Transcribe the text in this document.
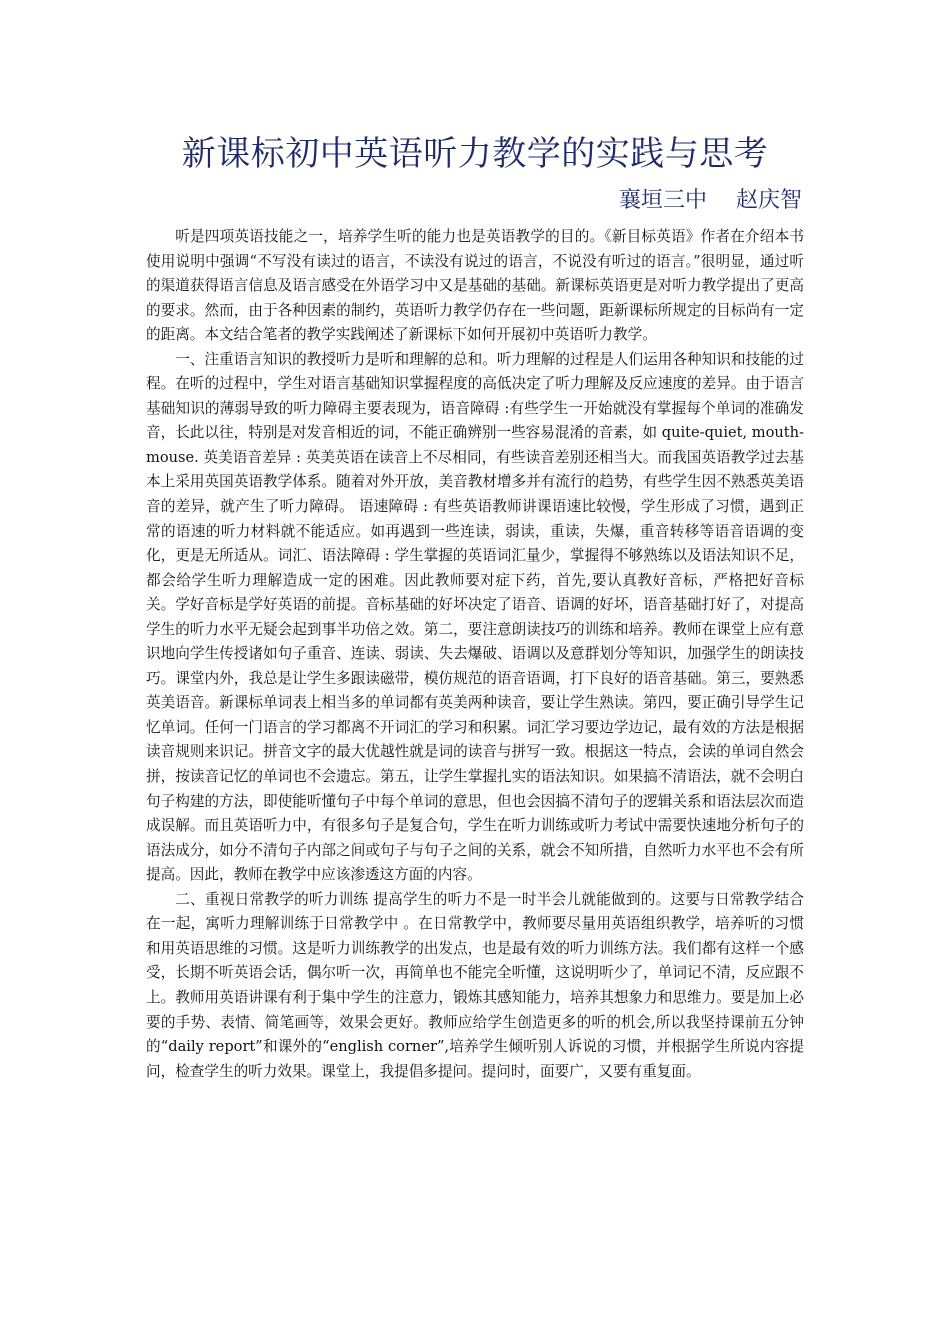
新课标初中英语听力教学的实践与思考
襄垣三中　 赵庆智

听是四项英语技能之一，培养学生听的能力也是英语教学的目的。《新目标英语》作者在介绍本书使用说明中强调“不写没有读过的语言，不读没有说过的语言，不说没有听过的语言。”很明显，通过听的渠道获得语言信息及语言感受在外语学习中又是基础的基础。新课标英语更是对听力教学提出了更高的要求。然而，由于各种因素的制约，英语听力教学仍存在一些问题，距新课标所规定的目标尚有一定的距离。本文结合笔者的教学实践阐述了新课标下如何开展初中英语听力教学。

一、注重语言知识的教授听力是听和理解的总和。听力理解的过程是人们运用各种知识和技能的过程。在听的过程中，学生对语言基础知识掌握程度的高低决定了听力理解及反应速度的差异。由于语言基础知识的薄弱导致的听力障碍主要表现为，语音障碍 :有些学生一开始就没有掌握每个单词的准确发音，长此以往，特别是对发音相近的词，不能正确辨别一些容易混淆的音素，如 quite-quiet, mouth-mouse. 英美语音差异 : 英美英语在读音上不尽相同，有些读音差别还相当大。而我国英语教学过去基本上采用英国英语教学体系。随着对外开放，美音教材增多并有流行的趋势，有些学生因不熟悉英美语音的差异，就产生了听力障碍。 语速障碍 : 有些英语教师讲课语速比较慢，学生形成了习惯，遇到正常的语速的听力材料就不能适应。如再遇到一些连读，弱读，重读，失爆，重音转移等语音语调的变化，更是无所适从。词汇、语法障碍 : 学生掌握的英语词汇量少，掌握得不够熟练以及语法知识不足，都会给学生听力理解造成一定的困难。因此教师要对症下药，首先,要认真教好音标，严格把好音标关。学好音标是学好英语的前提。音标基础的好坏决定了语音、语调的好坏，语音基础打好了，对提高学生的听力水平无疑会起到事半功倍之效。第二，要注意朗读技巧的训练和培养。教师在课堂上应有意识地向学生传授诸如句子重音、连读、弱读、失去爆破、语调以及意群划分等知识，加强学生的朗读技巧。课堂内外，我总是让学生多跟读磁带，模仿规范的语音语调，打下良好的语音基础。第三，要熟悉英美语音。新课标单词表上相当多的单词都有英美两种读音，要让学生熟读。第四，要正确引导学生记忆单词。任何一门语言的学习都离不开词汇的学习和积累。词汇学习要边学边记，最有效的方法是根据读音规则来识记。拼音文字的最大优越性就是词的读音与拼写一致。根据这一特点，会读的单词自然会拼，按读音记忆的单词也不会遗忘。第五，让学生掌握扎实的语法知识。如果搞不清语法，就不会明白句子构建的方法，即使能听懂句子中每个单词的意思，但也会因搞不清句子的逻辑关系和语法层次而造成误解。而且英语听力中，有很多句子是复合句，学生在听力训练或听力考试中需要快速地分析句子的语法成分，如分不清句子内部之间或句子与句子之间的关系，就会不知所措，自然听力水平也不会有所提高。因此，教师在教学中应该渗透这方面的内容。

二、重视日常教学的听力训练 提高学生的听力不是一时半会儿就能做到的。这要与日常教学结合在一起，寓听力理解训练于日常教学中 。在日常教学中，教师要尽量用英语组织教学，培养听的习惯和用英语思维的习惯。这是听力训练教学的出发点，也是最有效的听力训练方法。我们都有这样一个感受，长期不听英语会话，偶尔听一次，再简单也不能完全听懂，这说明听少了，单词记不清，反应跟不上。教师用英语讲课有利于集中学生的注意力，锻炼其感知能力，培养其想象力和思维力。要是加上必要的手势、表情、简笔画等，效果会更好。教师应给学生创造更多的听的机会,所以我坚持课前五分钟的“daily report”和课外的“english corner”,培养学生倾听别人诉说的习惯，并根据学生所说内容提问，检查学生的听力效果。课堂上，我提倡多提问。提问时，面要广，又要有重复面。
